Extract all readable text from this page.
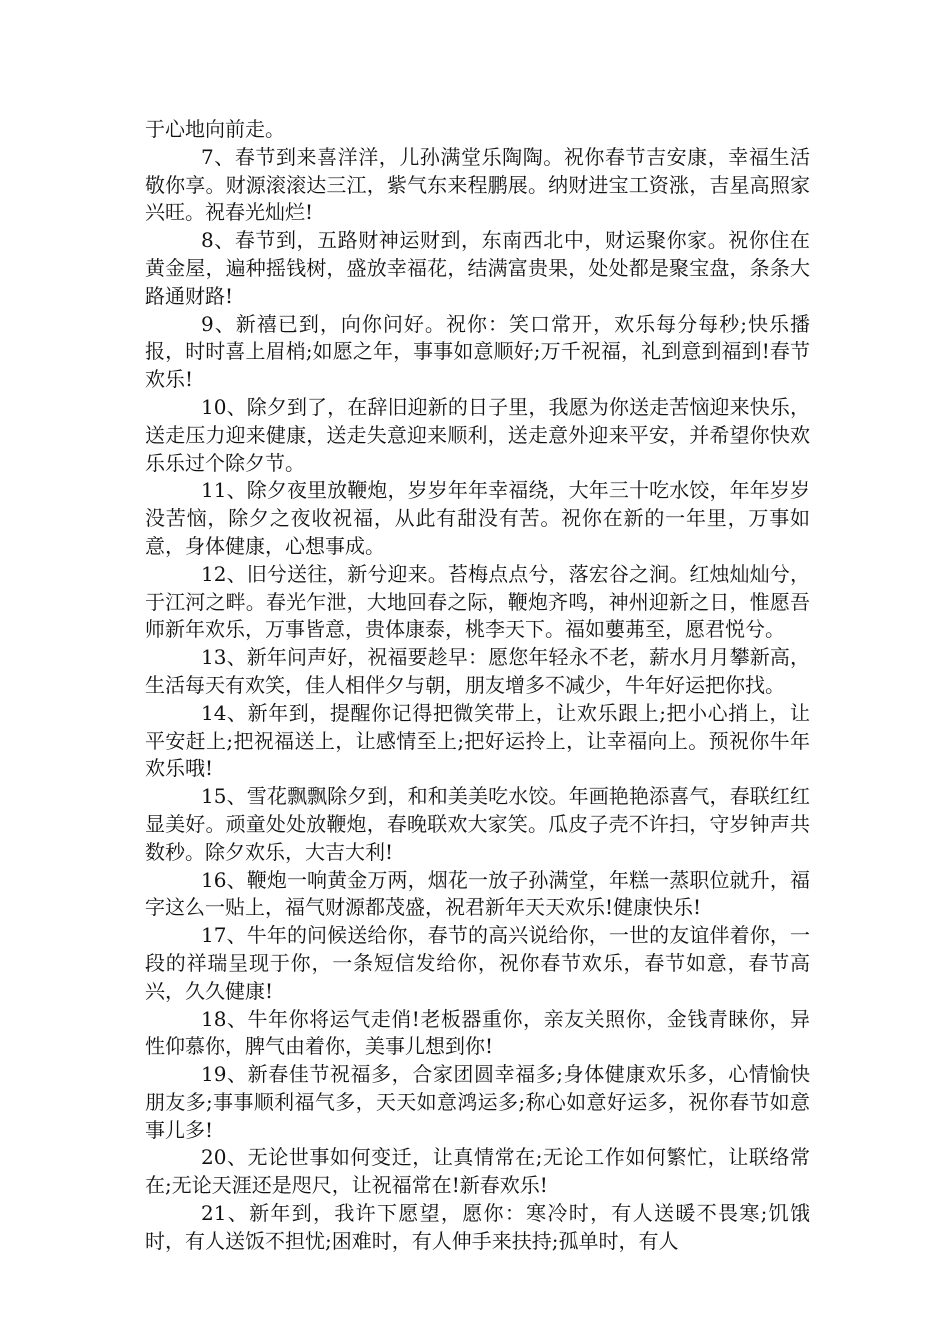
于心地向前走。

7、春节到来喜洋洋，儿孙满堂乐陶陶。祝你春节吉安康，幸福生活敬你享。财源滚滚达三江，紫气东来程鹏展。纳财进宝工资涨，吉星高照家兴旺。祝春光灿烂!

8、春节到，五路财神运财到，东南西北中，财运聚你家。祝你住在黄金屋，遍种摇钱树，盛放幸福花，结满富贵果，处处都是聚宝盘，条条大路通财路!

9、新禧已到，向你问好。祝你：笑口常开，欢乐每分每秒;快乐播报，时时喜上眉梢;如愿之年，事事如意顺好;万千祝福，礼到意到福到!春节欢乐!

10、除夕到了，在辞旧迎新的日子里，我愿为你送走苦恼迎来快乐，送走压力迎来健康，送走失意迎来顺利，送走意外迎来平安，并希望你快欢乐乐过个除夕节。

11、除夕夜里放鞭炮，岁岁年年幸福绕，大年三十吃水饺，年年岁岁没苦恼，除夕之夜收祝福，从此有甜没有苦。祝你在新的一年里，万事如意，身体健康，心想事成。

12、旧兮送往，新兮迎来。苔梅点点兮，落宏谷之涧。红烛灿灿兮，于江河之畔。春光乍泄，大地回春之际，鞭炮齐鸣，神州迎新之日，惟愿吾师新年欢乐，万事皆意，贵体康泰，桃李天下。福如蘡茀至，愿君悦兮。

13、新年问声好，祝福要趁早：愿您年轻永不老，薪水月月攀新高，生活每天有欢笑，佳人相伴夕与朝，朋友增多不减少，牛年好运把你找。

14、新年到，提醒你记得把微笑带上，让欢乐跟上;把小心捎上，让平安赶上;把祝福送上，让感情至上;把好运拎上，让幸福向上。预祝你牛年欢乐哦!

15、雪花飘飘除夕到，和和美美吃水饺。年画艳艳添喜气，春联红红显美好。顽童处处放鞭炮，春晚联欢大家笑。瓜皮子壳不许扫，守岁钟声共数秒。除夕欢乐，大吉大利!

16、鞭炮一响黄金万两，烟花一放子孙满堂，年糕一蒸职位就升，福字这么一贴上，福气财源都茂盛，祝君新年天天欢乐!健康快乐!

17、牛年的问候送给你，春节的高兴说给你，一世的友谊伴着你，一段的祥瑞呈现于你，一条短信发给你，祝你春节欢乐，春节如意，春节高兴，久久健康!

18、牛年你将运气走俏!老板器重你，亲友关照你，金钱青睐你，异性仰慕你，脾气由着你，美事儿想到你!

19、新春佳节祝福多，合家团圆幸福多;身体健康欢乐多，心情愉快朋友多;事事顺利福气多，天天如意鸿运多;称心如意好运多，祝你春节如意事儿多!

20、无论世事如何变迁，让真情常在;无论工作如何繁忙，让联络常在;无论天涯还是咫尺，让祝福常在!新春欢乐!

21、新年到，我许下愿望，愿你：寒冷时，有人送暖不畏寒;饥饿时，有人送饭不担忧;困难时，有人伸手来扶持;孤单时，有人
